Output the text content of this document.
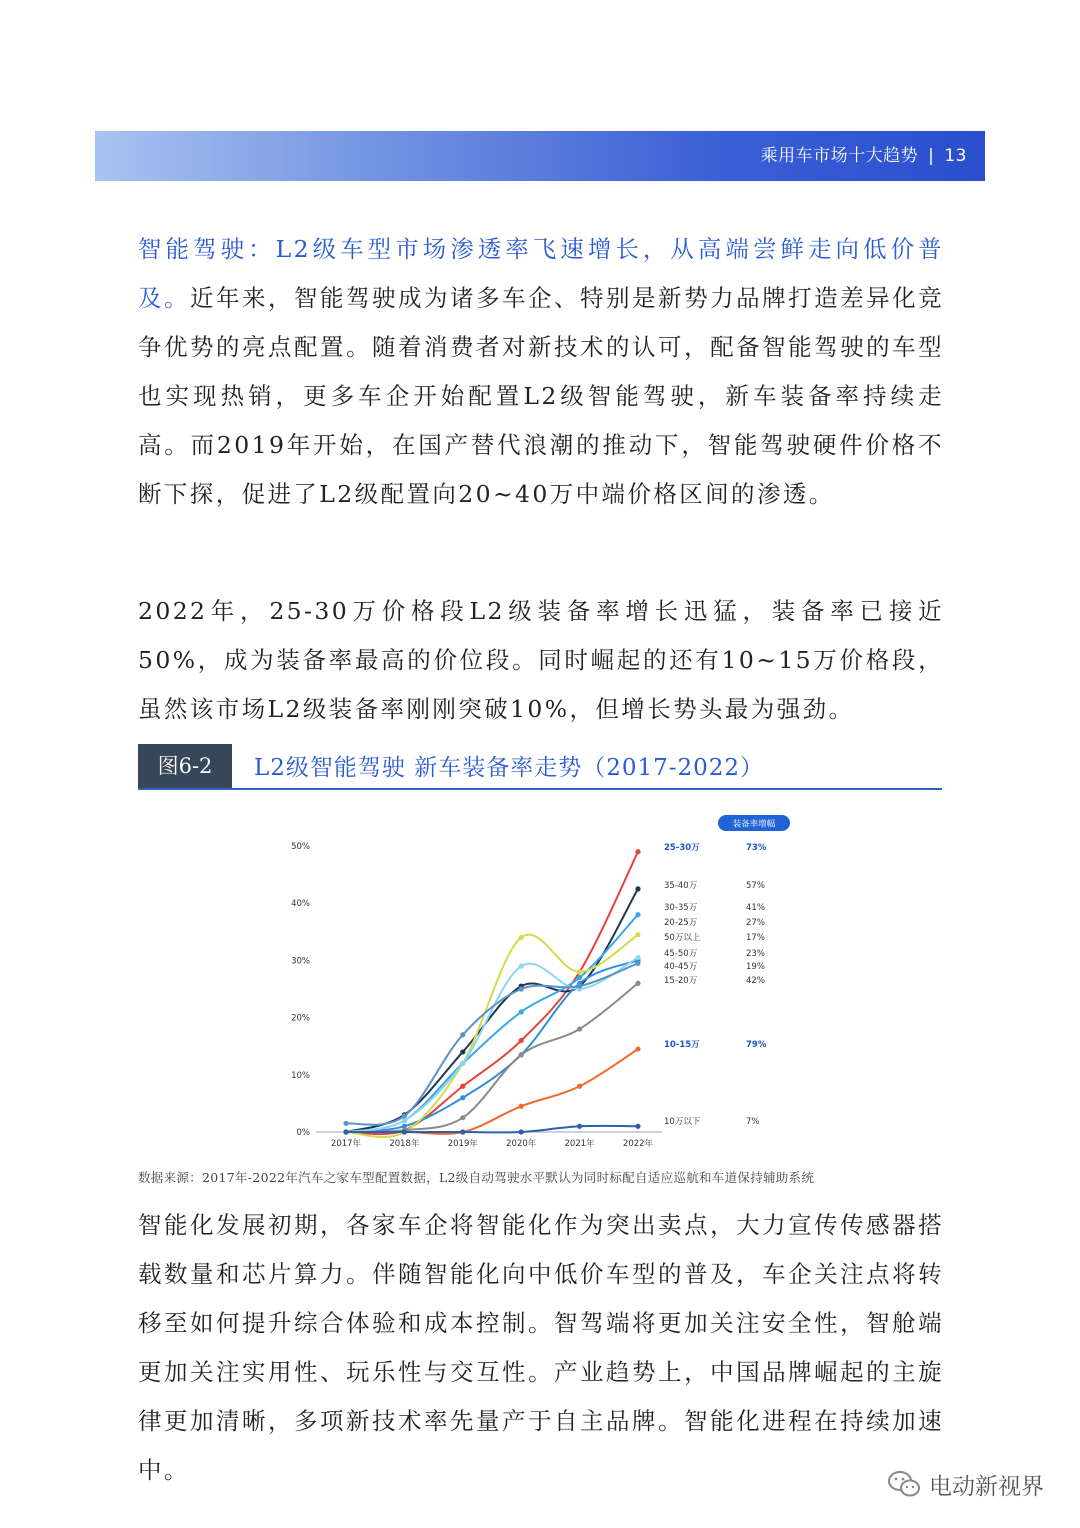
乘用车市场十大趋势 | 13

智能驾驶：L2级车型市场渗透率飞速增长，从高端尝鲜走向低价普及。近年来，智能驾驶成为诸多车企、特别是新势力品牌打造差异化竞争优势的亮点配置。随着消费者对新技术的认可，配备智能驾驶的车型也实现热销，更多车企开始配置L2级智能驾驶，新车装备率持续走高。而2019年开始，在国产替代浪潮的推动下，智能驾驶硬件价格不断下探，促进了L2级配置向20~40万中端价格区间的渗透。

2022年，25-30万价格段L2级装备率增长迅猛，装备率已接近50%，成为装备率最高的价位段。同时崛起的还有10~15万价格段，虽然该市场L2级装备率刚刚突破10%，但增长势头最为强劲。

图6-2	L2级智能驾驶 新车装备率走势（2017-2022）
0%
10%
20%
30%
40%
50%
2017年	2018年	2019年	2020年	2021年	2022年
装备率增幅
25-30万	73%
35-40万	57%
30-35万	41%
20-25万	27%
50万以上	17%
45-50万	23%
40-45万	19%
15-20万	42%
10-15万	79%
10万以下	7%
数据来源：2017年-2022年汽车之家车型配置数据，L2级自动驾驶水平默认为同时标配自适应巡航和车道保持辅助系统

智能化发展初期，各家车企将智能化作为突出卖点，大力宣传传感器搭载数量和芯片算力。伴随智能化向中低价车型的普及，车企关注点将转移至如何提升综合体验和成本控制。智驾端将更加关注安全性，智舱端更加关注实用性、玩乐性与交互性。产业趋势上，中国品牌崛起的主旋律更加清晰，多项新技术率先量产于自主品牌。智能化进程在持续加速中。

电动新视界
